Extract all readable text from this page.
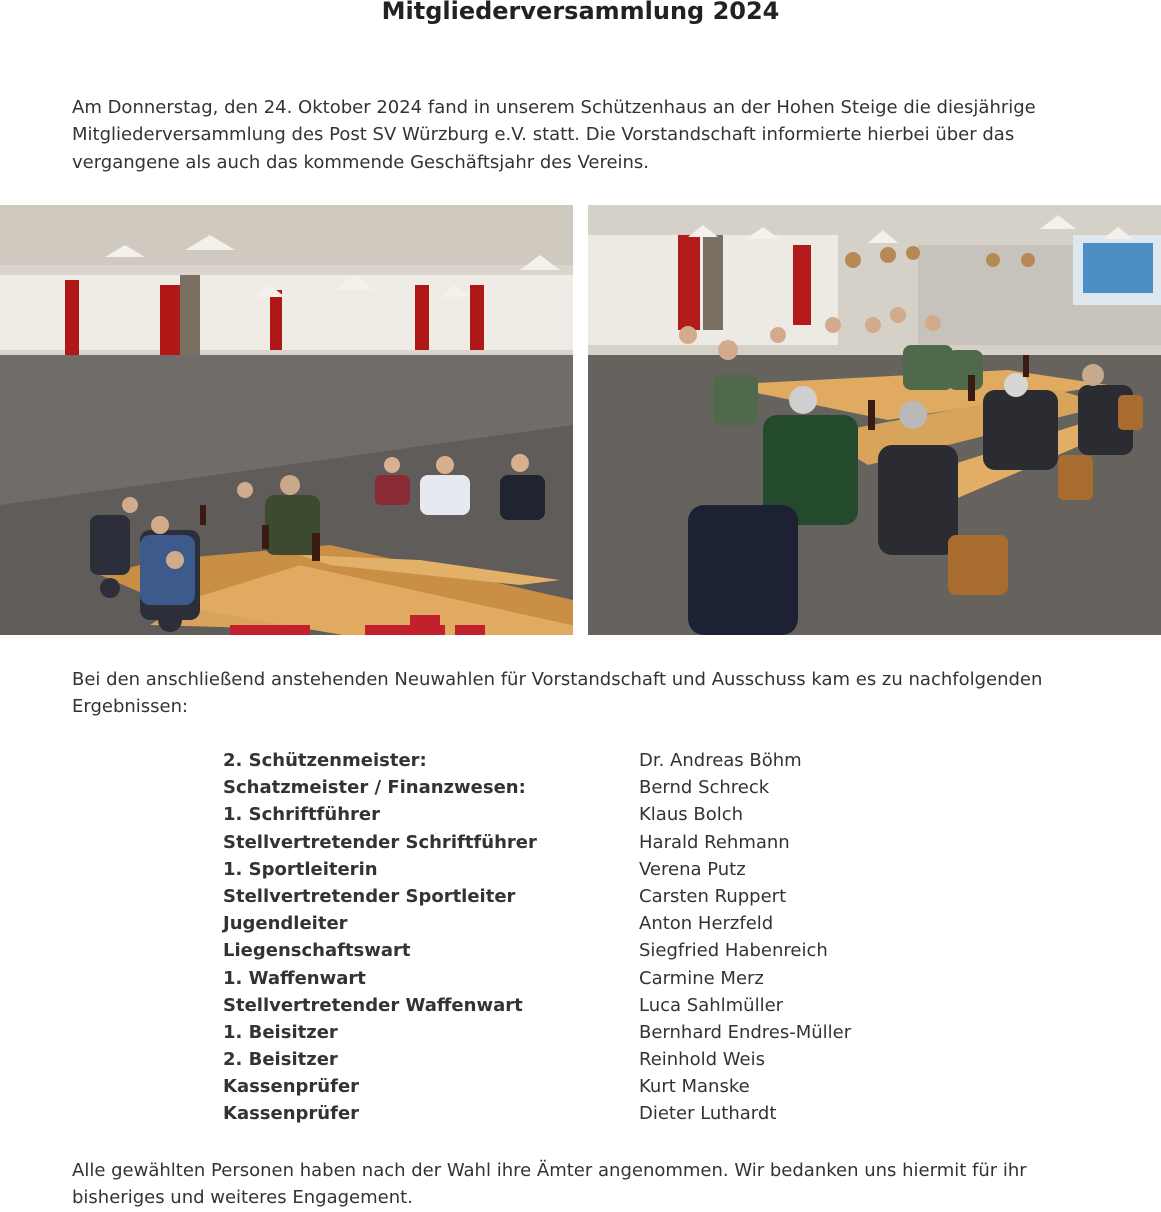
Mitgliederversammlung 2024

Am Donnerstag, den 24. Oktober 2024 fand in unserem Schützenhaus an der Hohen Steige die diesjährige Mitgliederversammlung des Post SV Würzburg e.V. statt. Die Vorstandschaft informierte hierbei über das vergangene als auch das kommende Geschäftsjahr des Vereins.

Bei den anschließend anstehenden Neuwahlen für Vorstandschaft und Ausschuss kam es zu nachfolgenden Ergebnissen:

2. Schützenmeister:	Dr. Andreas Böhm
Schatzmeister / Finanzwesen:	Bernd Schreck
1. Schriftführer	Klaus Bolch
Stellvertretender Schriftführer	Harald Rehmann
1. Sportleiterin	Verena Putz
Stellvertretender Sportleiter	Carsten Ruppert
Jugendleiter	Anton Herzfeld
Liegenschaftswart	Siegfried Habenreich
1. Waffenwart	Carmine Merz
Stellvertretender Waffenwart	Luca Sahlmüller
1. Beisitzer	Bernhard Endres-Müller
2. Beisitzer	Reinhold Weis
Kassenprüfer	Kurt Manske
Kassenprüfer	Dieter Luthardt

Alle gewählten Personen haben nach der Wahl ihre Ämter angenommen. Wir bedanken uns hiermit für ihr bisheriges und weiteres Engagement.
